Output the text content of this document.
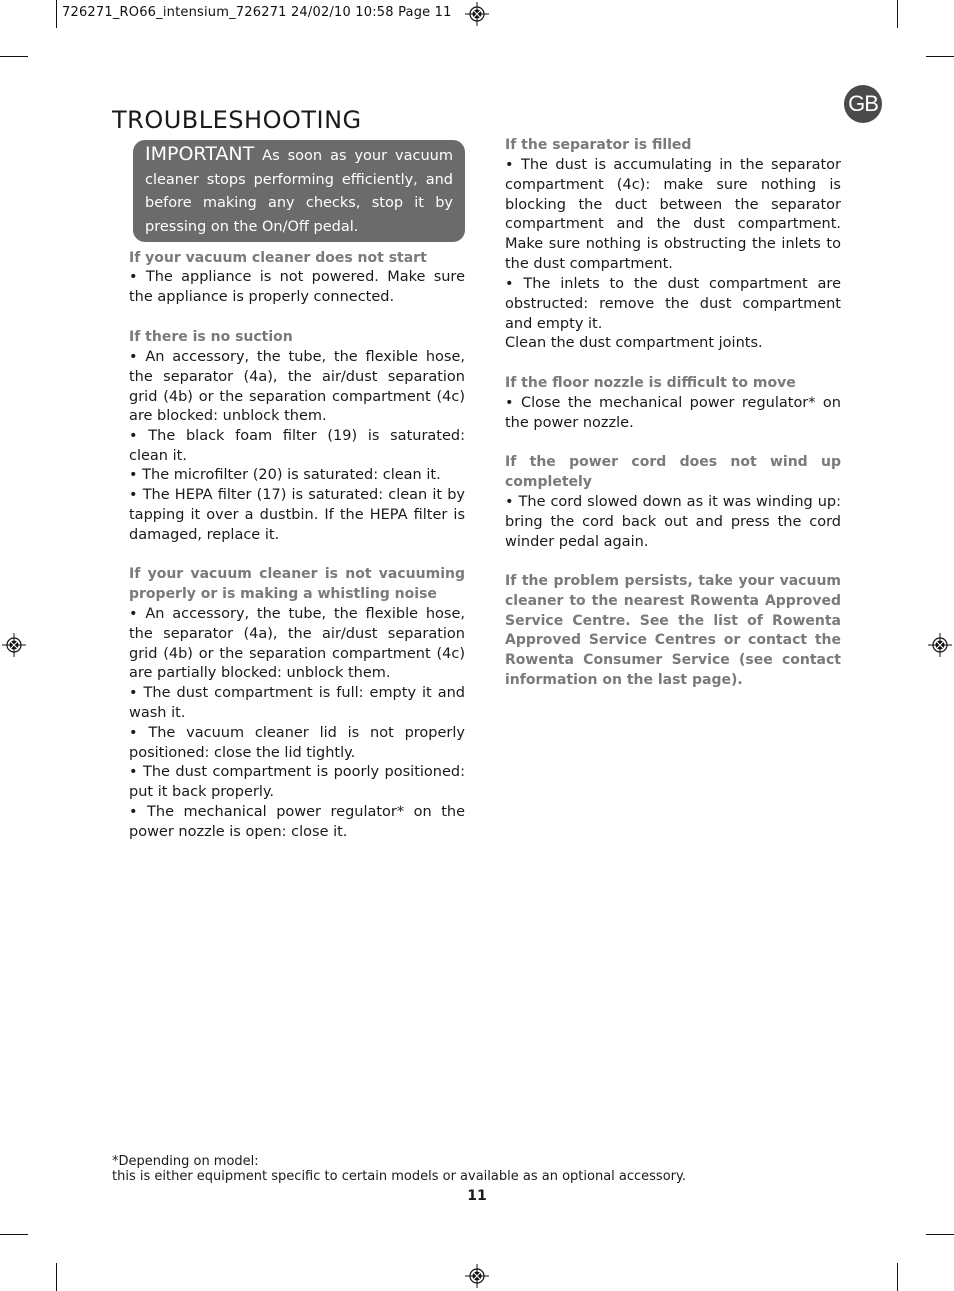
726271_RO66_intensium_726271 24/02/10 10:58 Page 11
GB
TROUBLESHOOTING
IMPORTANT As soon as your vacuum cleaner stops performing efficiently, and before making any checks, stop it by pressing on the On/Off pedal.

If your vacuum cleaner does not start

• The appliance is not powered. Make sure the appliance is properly connected.

If there is no suction

• An accessory, the tube, the flexible hose, the separator (4a), the air/dust separation grid (4b) or the separation compartment (4c) are blocked: unblock them.

• The black foam filter (19) is saturated: clean it.

• The microfilter (20) is saturated: clean it.

• The HEPA filter (17) is saturated: clean it by tapping it over a dustbin. If the HEPA filter is damaged, replace it.

If your vacuum cleaner is not vacuuming properly or is making a whistling noise

• An accessory, the tube, the flexible hose, the separator (4a), the air/dust separation grid (4b) or the separation compartment (4c) are partially blocked: unblock them.

• The dust compartment is full: empty it and wash it.

• The vacuum cleaner lid is not properly positioned: close the lid tightly.

• The dust compartment is poorly positioned: put it back properly.

• The mechanical power regulator* on the power nozzle is open: close it.

If the separator is filled

• The dust is accumulating in the separator compartment (4c): make sure nothing is blocking the duct between the separator compartment and the dust compartment. Make sure nothing is obstructing the inlets to the dust compartment.

• The inlets to the dust compartment are obstructed: remove the dust compartment and empty it.

Clean the dust compartment joints.

If the floor nozzle is difficult to move

• Close the mechanical power regulator* on the power nozzle.

If the power cord does not wind up completely

• The cord slowed down as it was winding up: bring the cord back out and press the cord winder pedal again.

If the problem persists, take your vacuum cleaner to the nearest Rowenta Approved Service Centre. See the list of Rowenta Approved Service Centres or contact the Rowenta Consumer Service (see contact information on the last page).

*Depending on model:

this is either equipment specific to certain models or available as an optional accessory.

11
